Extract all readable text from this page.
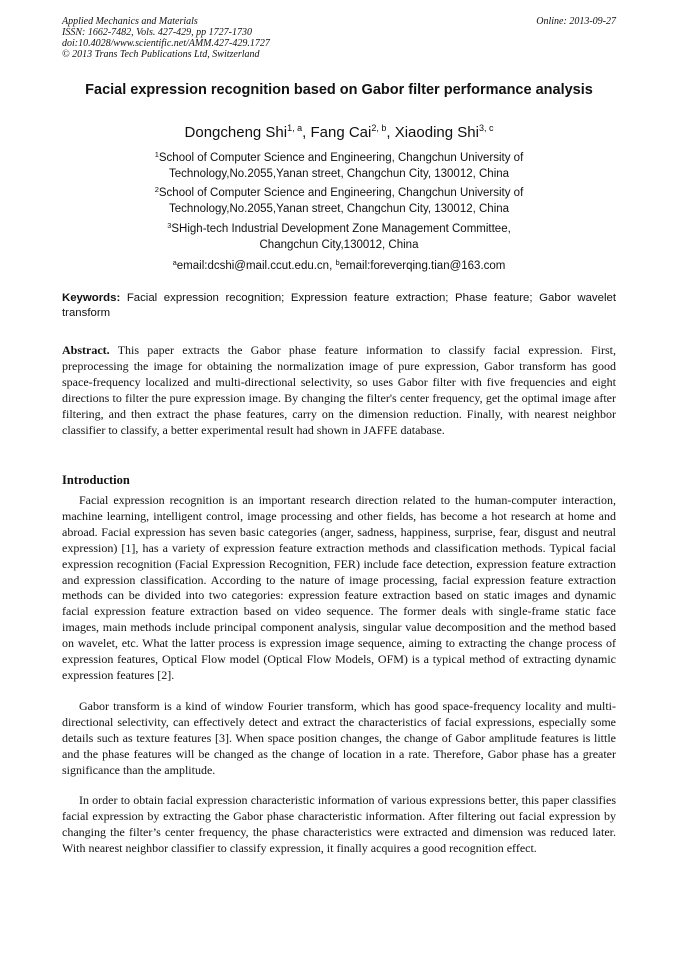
Applied Mechanics and Materials
ISSN: 1662-7482, Vols. 427-429, pp 1727-1730
doi:10.4028/www.scientific.net/AMM.427-429.1727
© 2013 Trans Tech Publications Ltd, Switzerland
Online: 2013-09-27
Facial expression recognition based on Gabor filter performance analysis
Dongcheng Shi$^{1, a}$, Fang Cai$^{2, b}$, Xiaoding Shi$^{3, c}$
$^1$School of Computer Science and Engineering, Changchun University of
Technology,No.2055,Yanan street, Changchun City, 130012, China
$^2$School of Computer Science and Engineering, Changchun University of
Technology,No.2055,Yanan street, Changchun City, 130012, China
$^3$SHigh-tech Industrial Development Zone Management Committee,
Changchun City,130012, China
$^a$email:dcshi@mail.ccut.edu.cn, $^b$email:foreverqing.tian@163.com
Keywords: Facial expression recognition; Expression feature extraction; Phase feature; Gabor wavelet transform
Abstract. This paper extracts the Gabor phase feature information to classify facial expression. First, preprocessing the image for obtaining the normalization image of pure expression, Gabor transform has good space-frequency localized and multi-directional selectivity, so uses Gabor filter with five frequencies and eight directions to filter the pure expression image. By changing the filter's center frequency, get the optimal image after filtering, and then extract the phase features, carry on the dimension reduction. Finally, with nearest neighbor classifier to classify, a better experimental result had shown in JAFFE database.
Introduction

Facial expression recognition is an important research direction related to the human-computer interaction, machine learning, intelligent control, image processing and other fields, has become a hot research at home and abroad. Facial expression has seven basic categories (anger, sadness, happiness, surprise, fear, disgust and neutral expression) [1], has a variety of expression feature extraction methods and classification methods. Typical facial expression recognition (Facial Expression Recognition, FER) include face detection, expression feature extraction and expression classification. According to the nature of image processing, facial expression feature extraction methods can be divided into two categories: expression feature extraction based on static images and dynamic facial expression feature extraction based on video sequence. The former deals with single-frame static face images, main methods include principal component analysis, singular value decomposition and the method based on wavelet, etc. What the latter process is expression image sequence, aiming to extracting the change process of expression features, Optical Flow model (Optical Flow Models, OFM) is a typical method of extracting dynamic expression features [2].

Gabor transform is a kind of window Fourier transform, which has good space-frequency locality and multi-directional selectivity, can effectively detect and extract the characteristics of facial expressions, especially some details such as texture features [3]. When space position changes, the change of Gabor amplitude features is little and the phase features will be changed as the change of location in a rate. Therefore, Gabor phase has a greater significance than the amplitude.

In order to obtain facial expression characteristic information of various expressions better, this paper classifies facial expression by extracting the Gabor phase characteristic information. After filtering out facial expression by changing the filter’s center frequency, the phase characteristics were extracted and dimension was reduced later. With nearest neighbor classifier to classify expression, it finally acquires a good recognition effect.
